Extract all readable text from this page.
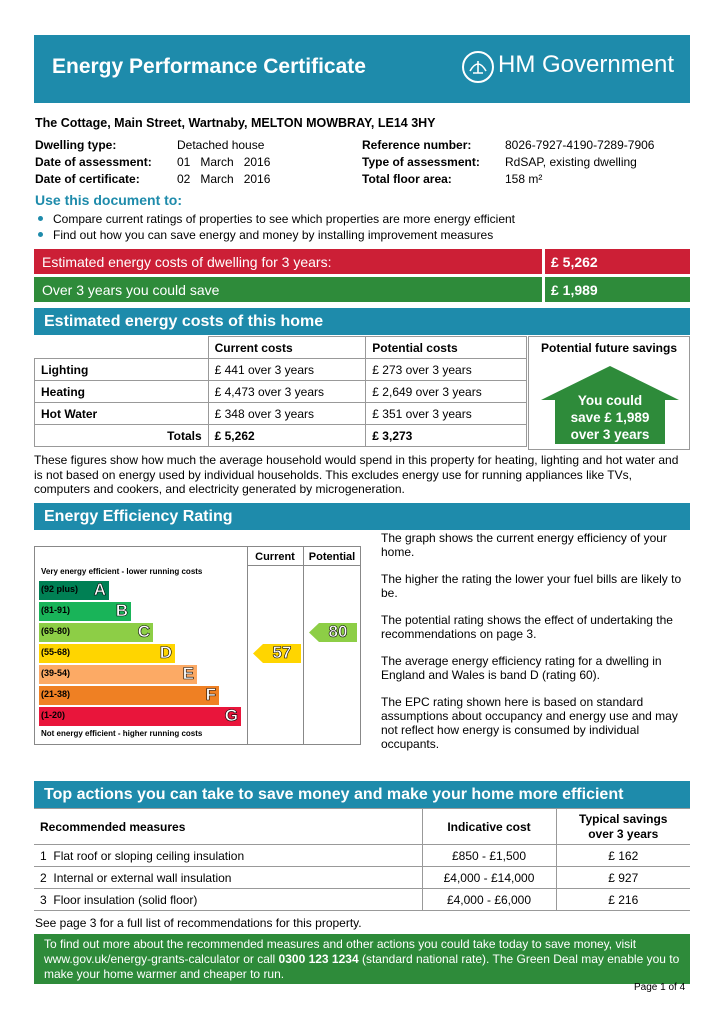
Energy Performance Certificate	HM Government
The Cottage, Main Street, Wartnaby, MELTON MOWBRAY, LE14 3HY
Dwelling type:	Detached house
Date of assessment: 01   March   2016
Date of certificate:	02   March   2016
Reference number:	8026-7927-4190-7289-7906
Type of assessment: RdSAP, existing dwelling
Total floor area:	158 m²
Use this document to:
Compare current ratings of properties to see which properties are more energy efficient
Find out how you can save energy and money by installing improvement measures
Estimated energy costs of dwelling for 3 years:	£ 5,262
Over 3 years you could save	£ 1,989
Estimated energy costs of this home
	Current costs	Potential costs
Lighting	£ 441 over 3 years	£ 273 over 3 years
Heating	£ 4,473 over 3 years	£ 2,649 over 3 years
Hot Water	£ 348 over 3 years	£ 351 over 3 years
Totals	£ 5,262	£ 3,273
Potential future savings
You could
save £ 1,989
over 3 years
These figures show how much the average household would spend in this property for heating, lighting and hot water and is not based on energy used by individual households. This excludes energy use for running appliances like TVs, computers and cookers, and electricity generated by microgeneration.
Energy Efficiency Rating
Current	Potential
Very energy efficient - lower running costs
Not energy efficient - higher running costs
(92 plus) A
(81-91)	B
(69-80)	C
(55-68)	D
(39-54)	E
(21-38)	F
(1-20)	G
57
80

The graph shows the current energy efficiency of your home.

The higher the rating the lower your fuel bills are likely to be.

The potential rating shows the effect of undertaking the recommendations on page 3.

The average energy efficiency rating for a dwelling in England and Wales is band D (rating 60).

The EPC rating shown here is based on standard assumptions about occupancy and energy use and may not reflect how energy is consumed by individual occupants.

Top actions you can take to save money and make your home more efficient
Recommended measures	Indicative cost	Typical savings
over 3 years

1 Flat roof or sloping ceiling insulation	£850 - £1,500	£ 162
2 Internal or external wall insulation	£4,000 - £14,000	£ 927
3 Floor insulation (solid floor)	£4,000 - £6,000	£ 216
See page 3 for a full list of recommendations for this property.
To find out more about the recommended measures and other actions you could take today to save money, visit www.gov.uk/energy-grants-calculator or call 0300 123 1234 (standard national rate). The Green Deal may enable you to make your home warmer and cheaper to run.
Page 1 of 4
